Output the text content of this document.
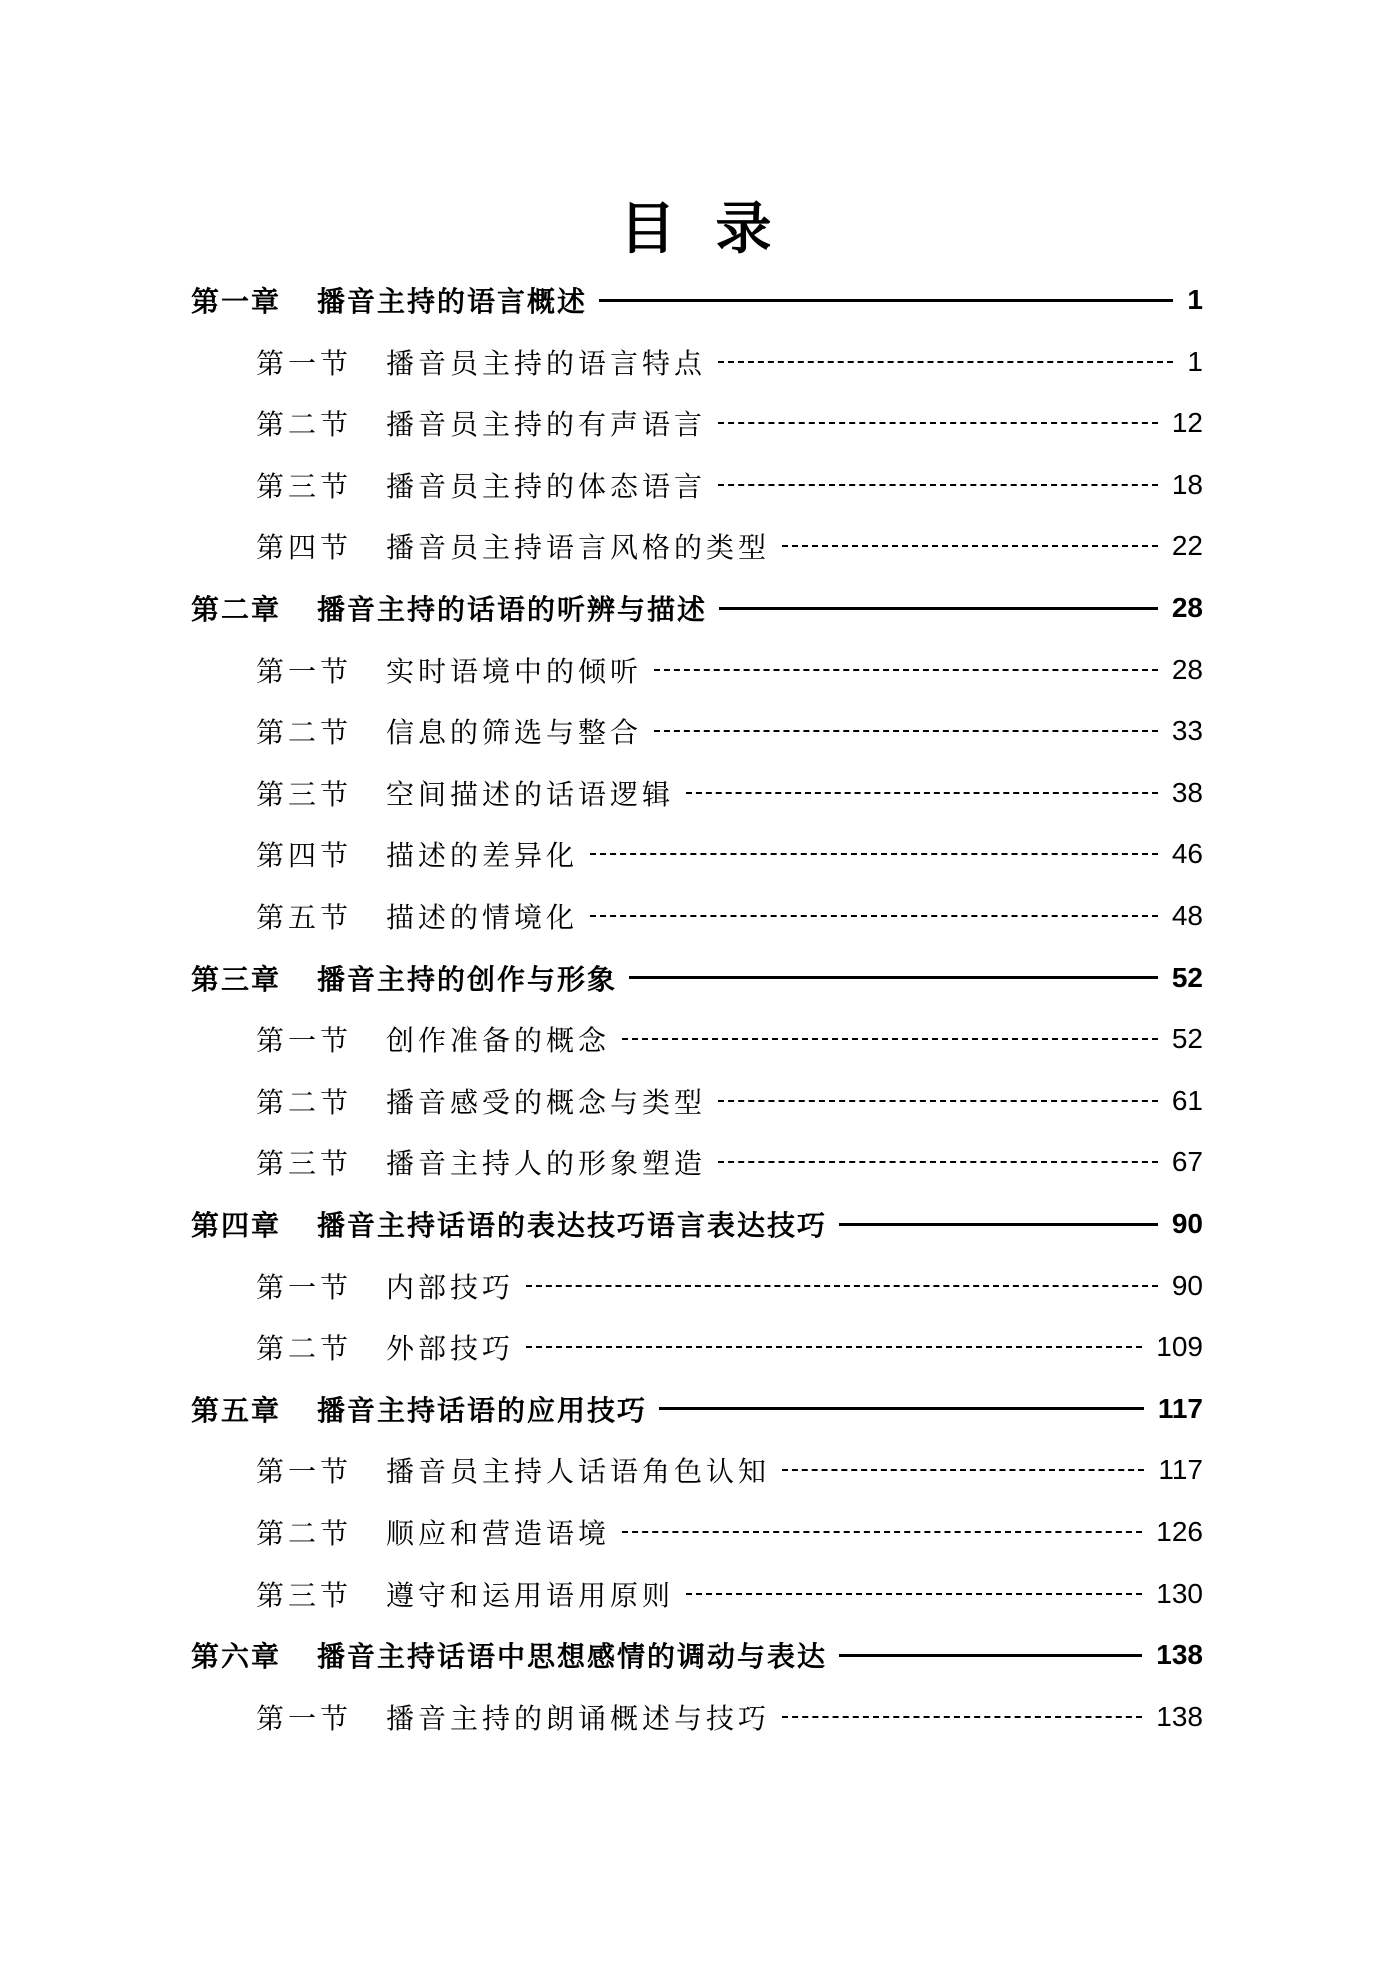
目录
第一章 播音主持的语言概述	1
第一节 播音员主持的语言特点	1
第二节 播音员主持的有声语言	12
第三节 播音员主持的体态语言	18
第四节 播音员主持语言风格的类型	22
第二章 播音主持的话语的听辨与描述	28
第一节 实时语境中的倾听	28
第二节 信息的筛选与整合	33
第三节 空间描述的话语逻辑	38
第四节 描述的差异化	46
第五节 描述的情境化	48
第三章 播音主持的创作与形象	52
第一节 创作准备的概念	52
第二节 播音感受的概念与类型	61
第三节 播音主持人的形象塑造	67
第四章 播音主持话语的表达技巧语言表达技巧	90
第一节 内部技巧	90
第二节 外部技巧	109
第五章 播音主持话语的应用技巧	117
第一节 播音员主持人话语角色认知	117
第二节 顺应和营造语境	126
第三节 遵守和运用语用原则	130
第六章 播音主持话语中思想感情的调动与表达	138
第一节 播音主持的朗诵概述与技巧	138
